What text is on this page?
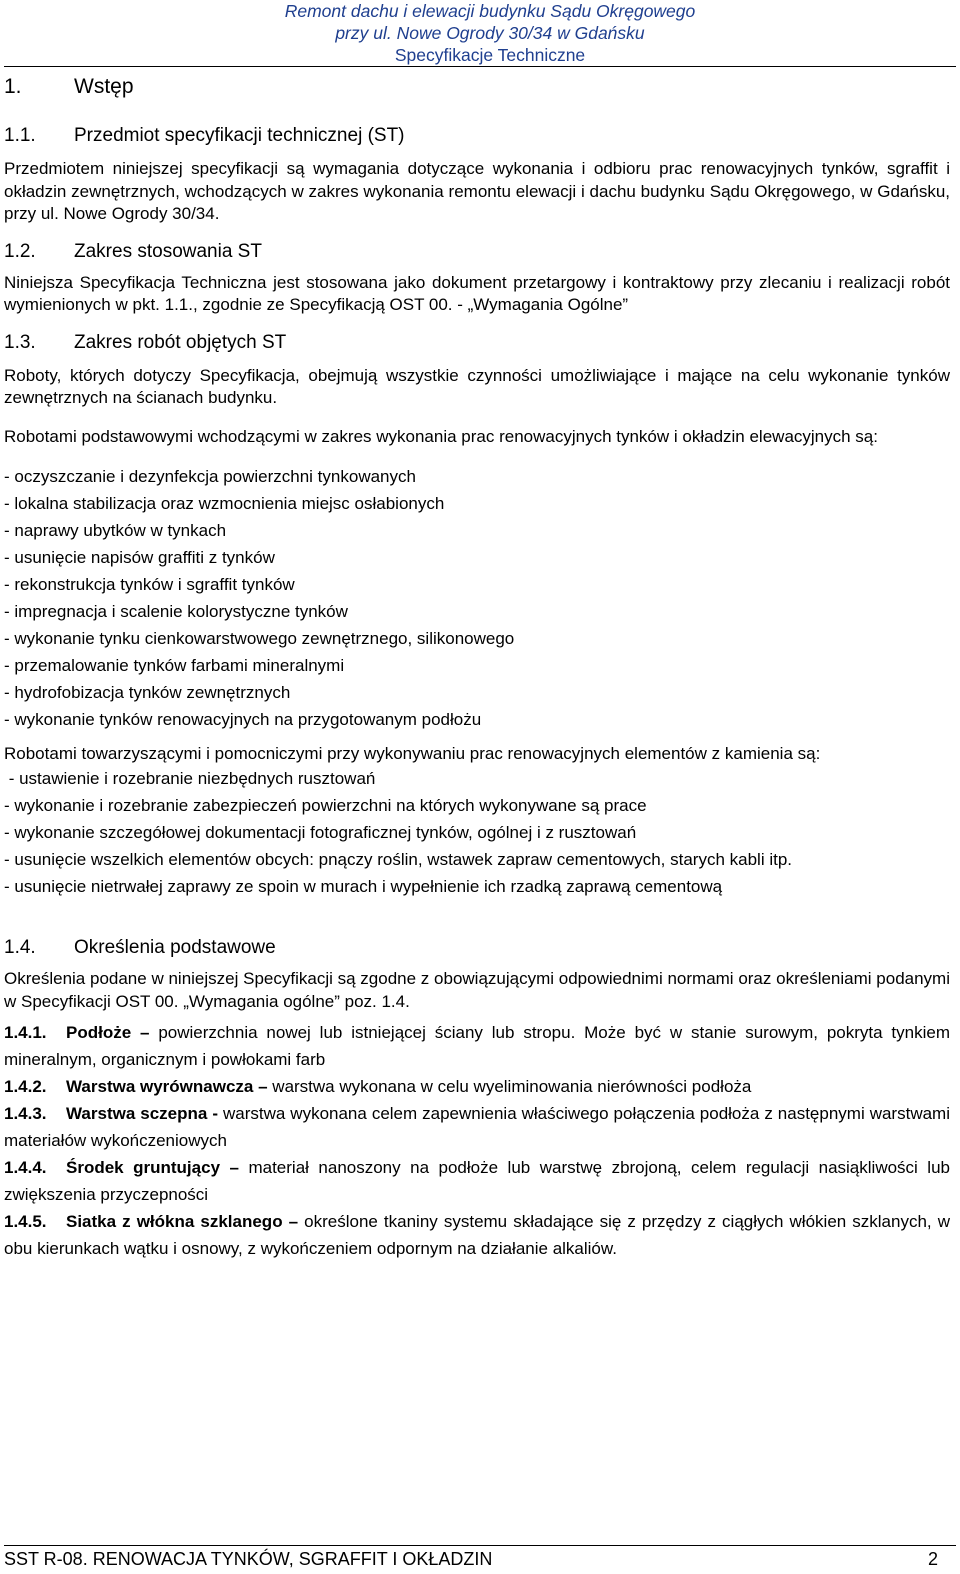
Remont dachu i elewacji budynku Sądu Okręgowego
przy ul. Nowe Ogrody 30/34 w Gdańsku
Specyfikacje Techniczne
1. Wstęp
1.1. Przedmiot specyfikacji technicznej (ST)

Przedmiotem niniejszej specyfikacji są wymagania dotyczące wykonania i odbioru prac renowacyjnych tynków, sgraffit i okładzin zewnętrznych, wchodzących w zakres wykonania remontu elewacji i dachu budynku Sądu Okręgowego, w Gdańsku, przy ul. Nowe Ogrody 30/34.

1.2. Zakres stosowania ST

Niniejsza Specyfikacja Techniczna jest stosowana jako dokument przetargowy i kontraktowy przy zlecaniu i realizacji robót wymienionych w pkt. 1.1., zgodnie ze Specyfikacją OST 00. - „Wymagania Ogólne”

1.3. Zakres robót objętych ST

Roboty, których dotyczy Specyfikacja, obejmują wszystkie czynności umożliwiające i mające na celu wykonanie tynków zewnętrznych na ścianach budynku.

Robotami podstawowymi wchodzącymi w zakres wykonania prac renowacyjnych tynków i okładzin elewacyjnych są:

- oczyszczanie i dezynfekcja powierzchni tynkowanych
- lokalna stabilizacja oraz wzmocnienia miejsc osłabionych
- naprawy ubytków w tynkach
- usunięcie napisów graffiti z tynków
- rekonstrukcja tynków i sgraffit tynków
- impregnacja i scalenie kolorystyczne tynków
- wykonanie tynku cienkowarstwowego zewnętrznego, silikonowego
- przemalowanie tynków farbami mineralnymi
- hydrofobizacja tynków zewnętrznych
- wykonanie tynków renowacyjnych na przygotowanym podłożu

Robotami towarzyszącymi i pomocniczymi przy wykonywaniu prac renowacyjnych elementów z kamienia są:

- ustawienie i rozebranie niezbędnych rusztowań
- wykonanie i rozebranie zabezpieczeń powierzchni na których wykonywane są prace
- wykonanie szczegółowej dokumentacji fotograficznej tynków, ogólnej i z rusztowań
- usunięcie wszelkich elementów obcych: pnączy roślin, wstawek zapraw cementowych, starych kabli itp.
- usunięcie nietrwałej zaprawy ze spoin w murach i wypełnienie ich rzadką zaprawą cementową
1.4. Określenia podstawowe

Określenia podane w niniejszej Specyfikacji są zgodne z obowiązującymi odpowiednimi normami oraz określeniami podanymi w Specyfikacji OST 00. „Wymagania ogólne” poz. 1.4.

1.4.1. Podłoże – powierzchnia nowej lub istniejącej ściany lub stropu. Może być w stanie surowym, pokryta tynkiem mineralnym, organicznym i powłokami farb

1.4.2. Warstwa wyrównawcza – warstwa wykonana w celu wyeliminowania nierówności podłoża

1.4.3. Warstwa sczepna - warstwa wykonana celem zapewnienia właściwego połączenia podłoża z następnymi warstwami materiałów wykończeniowych

1.4.4. Środek gruntujący – materiał nanoszony na podłoże lub warstwę zbrojoną, celem regulacji nasiąkliwości lub zwiększenia przyczepności

1.4.5. Siatka z włókna szklanego – określone tkaniny systemu składające się z przędzy z ciągłych włókien szklanych, w obu kierunkach wątku i osnowy, z wykończeniem odpornym na działanie alkaliów.

SST R-08. RENOWACJA TYNKÓW, SGRAFFIT I OKŁADZIN	2
